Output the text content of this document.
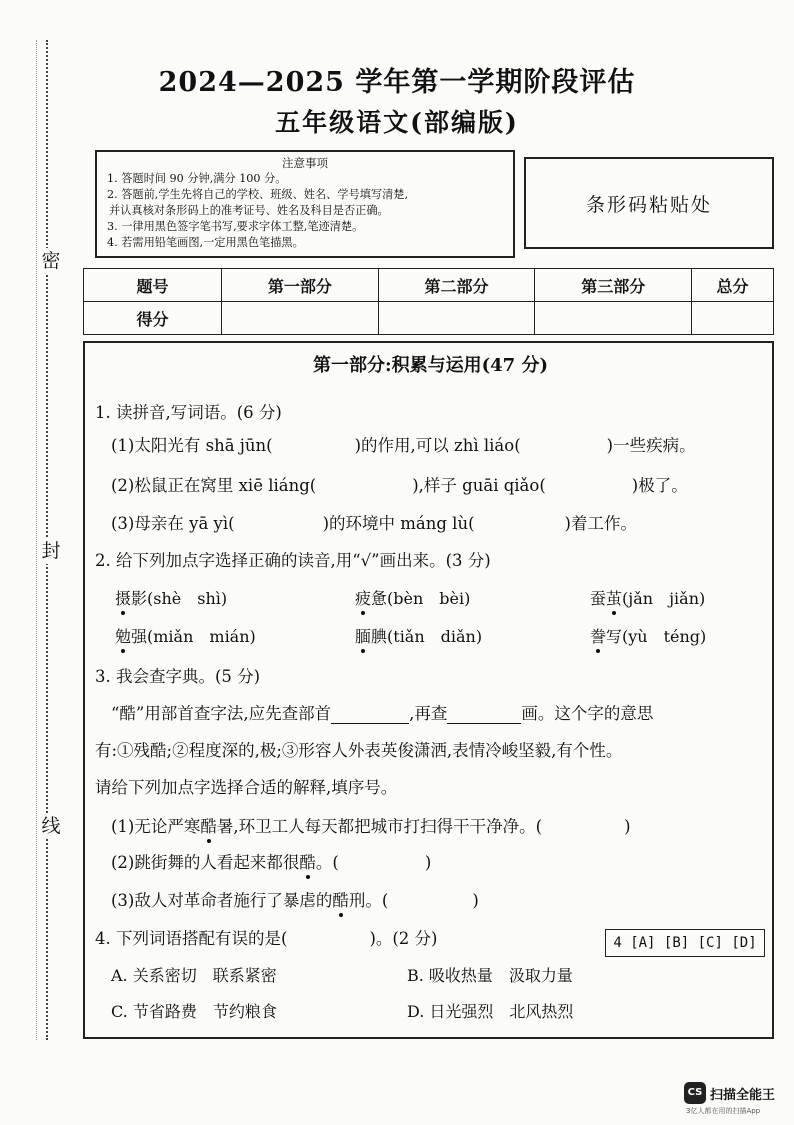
密
封
线
2024—2025 学年第一学期阶段评估
五年级语文(部编版)
注意事项
1. 答题时间 90 分钟,满分 100 分。
2. 答题前,学生先将自己的学校、班级、姓名、学号填写清楚,
并认真核对条形码上的准考证号、姓名及科目是否正确。
3. 一律用黑色签字笔书写,要求字体工整,笔迹清楚。
4. 若需用铅笔画图,一定用黑色笔描黑。
条形码粘贴处
题号	第一部分	第二部分	第三部分	总分
得分				
第一部分:积累与运用(47 分)
1. 读拼音,写词语。(6 分)
(1)太阳光有 shā jūn(	)的作用,可以 zhì liáo(	)一些疾病。
(2)松鼠正在窝里 xiē liáng(	),样子 guāi qiǎo(	)极了。
(3)母亲在 yā yì(	)的环境中 máng lù(	)着工作。
2. 给下列加点字选择正确的读音,用“√”画出来。(3 分)
摄影(shè　shì)	疲惫(bèn　bèi)	蚕茧(jǎn　jiǎn)
勉强(miǎn　mián)	腼腆(tiǎn　diǎn)	誊写(yù　téng)
3. 我会查字典。(5 分)
“酷”用部首查字法,应先查部首	,再查	画。这个字的意思
有:①残酷;②程度深的,极;③形容人外表英俊潇洒,表情冷峻坚毅,有个性。
请给下列加点字选择合适的解释,填序号。
(1)无论严寒酷暑,环卫工人每天都把城市打扫得干干净净。(	)
(2)跳街舞的人看起来都很酷。(	)
(3)敌人对革命者施行了暴虐的酷刑。(	)
4. 下列词语搭配有误的是(	)。(2 分)
A. 关系密切　联系紧密	B. 吸收热量　汲取力量
C. 节省路费　节约粮食	D. 日光强烈　北风热烈
4 [A] [B] [C] [D]
CS 扫描全能王
3亿人都在用的扫描App
